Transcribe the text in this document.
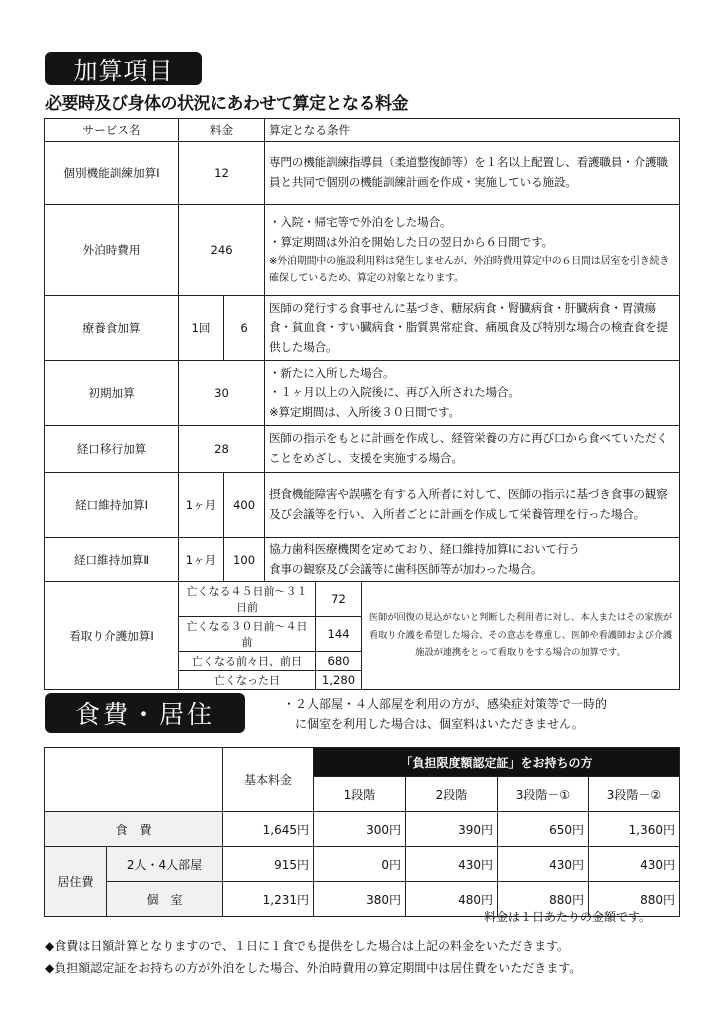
加算項目
必要時及び身体の状況にあわせて算定となる料金
サービス名	料金		算定となる条件		
個別機能訓練加算Ⅰ	12		専門の機能訓練指導員（柔道整復師等）を１名以上配置し、看護職員・介護職員と共同で個別の機能訓練計画を作成・実施している施設。		
外泊時費用	246		・入院・帰宅等で外泊をした場合。
・算定期間は外泊を開始した日の翌日から６日間です。
※外泊期間中の施設利用料は発生しませんが、外泊時費用算定中の６日間は居室を引き続き確保しているため、算定の対象となります。		

療養食加算	1回	6	医師の発行する食事せんに基づき、糖尿病食・腎臓病食・肝臓病食・胃潰瘍食・貧血食・すい臓病食・脂質異常症食、痛風食及び特別な場合の検査食を提供した場合。		
初期加算	30		・新たに入所した場合。
・１ヶ月以上の入院後に、再び入所された場合。
※算定期間は、入所後３０日間です。		

経口移行加算	28		医師の指示をもとに計画を作成し、経管栄養の方に再び口から食べていただくことをめざし、支援を実施する場合。		
経口維持加算Ⅰ	1ヶ月	400	摂食機能障害や誤嚥を有する入所者に対して、医師の指示に基づき食事の観察及び会議等を行い、入所者ごとに計画を作成して栄養管理を行った場合。		
経口維持加算Ⅱ	1ヶ月	100	協力歯科医療機関を定めており、経口維持加算Ⅰにおいて行う
食事の観察及び会議等に歯科医師等が加わった場合。		

看取り介護加算Ⅰ	亡くなる４５日前～３１日前			72	医師が回復の見込がないと判断した利用者に対し、本人またはその家族が看取り介護を希望した場合、その意志を尊重し、医師や看護師および介護施設が連携をとって看取りをする場合の加算です。
	亡くなる３０日前～４日前			144	
	亡くなる前々日、前日			680	
	亡くなった日			1,280	
食費・居住	・２人部屋・４人部屋を利用の方が、感染症対策等で一時的
に個室を利用した場合は、個室料はいただきません。
		基本料金	「負担限度額認定証」をお持ちの方			
			1段階	2段階	3段階－①	3段階－②
食　費		1,645円	300円	390円	650円	1,360円
居住費	2人・4人部屋	915円	0円	430円	430円	430円
	個　室	1,231円	380円	480円	880円	880円
料金は１日あたりの金額です。
◆食費は日額計算となりますので、１日に１食でも提供をした場合は上記の料金をいただきます。
◆負担額認定証をお持ちの方が外泊をした場合、外泊時費用の算定期間中は居住費をいただきます。
